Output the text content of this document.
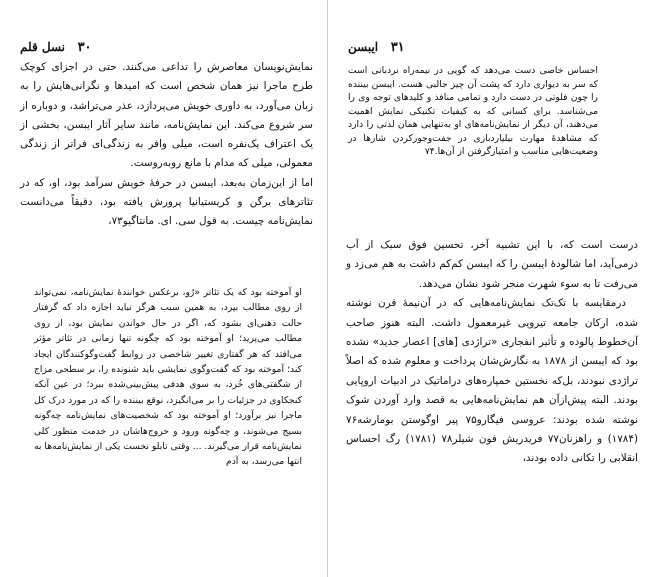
۳۰   نسل قلم

نمایش‌نویسان معاصرش را تداعی می‌کنند. حتی در اجزای کوچک طرح ماجرا نیز همان شخص است که امیدها و نگرانی‌هایش را به زبان می‌آورد، به داوری خویش می‌پردازد، عذر می‌تراشد، و دوباره از سر شروع می‌کند. این نمایش‌نامه، مانند سایر آثار ایبسن، بخشی از یک اعتراف یک‌نفره است، میلی وافر به زندگی‌ای فراتر از زندگی معمولی، میلی که مدام با مانع روبه‌روست.

اما از این‌زمان به‌بعد، ایبسن در حرفهٔ خویش سرآمد بود، او، که در تئاترهای برگن و کریستیانیا پرورش یافته بود، دقیقاً می‌دانست نمایش‌نامه چیست. به قول سی. ای. مانتاگیو۷۳،

او آموخته بود که یک تئاتر «رُو، برعکس خوانندهٔ نمایش‌نامه، نمی‌تواند از روی مطالب بپرد، به همین سبب هرگز نباید اجازه داد که گرفتار حالت ذهنی‌ای بشود که، اگر در حال خواندن نمایش بود، از روی مطالب می‌پرید؛ او آموخته بود که چگونه تنها زمانی در تئاتر مؤثر می‌افتد که هر گفتاری تغییر شاخصی در روابط گفت‌وگوکنندگان ایجاد کند؛ آموخته بود که گفت‌وگوی نمایشی باید شنونده را، بر سطحی مزاج از شگفتی‌های خُرد، به سوی هدفی پیش‌بینی‌شده ببرد؛ در عین آنکه کنجکاوی در جزئیات را بر می‌انگیزد، نوقع بیننده را که در مورد درک کل ماجرا نیز برآورد؛ او آموخته بود که شخصیت‌های نمایش‌نامه چه‌گونه بسیج می‌شوند، و چه‌گونه ورود و خروج‌هاشان در خدمت منظور کلی نمایش‌نامه قرار می‌گیرند. ... وقتی تابلو نخست یکی از نمایش‌نامه‌ها به انتها می‌رسد، به آدم

۳۱   ایبسن

احساس خاصی دست می‌دهد که گویی در نیمه‌راه نردبانی است که سر به دیواری دارد که پشت آن چیز جالبی هست. ایبسن بیننده را چون فلوتی در دست دارد و تمامی منافذ و کلیدهای توجه وی را می‌شناسد. برای کسانی که به کیفیات تکنیکی نمایش اهمیت می‌دهند، آن دیگر از نمایش‌نامه‌های او به‌تنهایی همان لذتی را دارد که مشاهدهٔ مهارت بیلیاردبازی در جفت‌وجورکردن شارها در وضعیت‌هایی مناسب و امتیازگرفتن از آن‌ها.۷۴

درست است که، با این تشبیه آخر، تحسین فوق سبک از آب درمی‌آید، اما شالودهٔ ایبسن را که ایبسن کم‌کم داشت به هم می‌زد و می‌رفت تا به سوء شهرت منجر شود نشان می‌دهد.

درمقایسه با تک‌تک نمایش‌نامه‌هایی که در آن‌نیمهٔ قرن نوشته شده، ارکان جامعه تیرویی غیرمعمول داشت. البته هنوز صاحب آن‌خطوط پالوده و تأثیر انفجاری «تراژدی [های] اعصار جدید» نشده بود که ایبسن از ۱۸۷۸ به نگارش‌شان پرداخت و معلوم شده که اصلاً تراژدی نبودند، بل‌که نخستین خمپاره‌های دراماتیک در ادبیات اروپایی بودند. البته پیش‌ازآن هم نمایش‌نامه‌هایی به قصد وارد آوردن شوک نوشته شده بودند: عروسی فیگارو۷۵ پیر اوگوستن بومارشه۷۶ (۱۷۸۴) و راهزنان۷۷ فریدریش فون شیلر۷۸ (۱۷۸۱) رگ احساس انقلابی را تکانی داده بودند،
